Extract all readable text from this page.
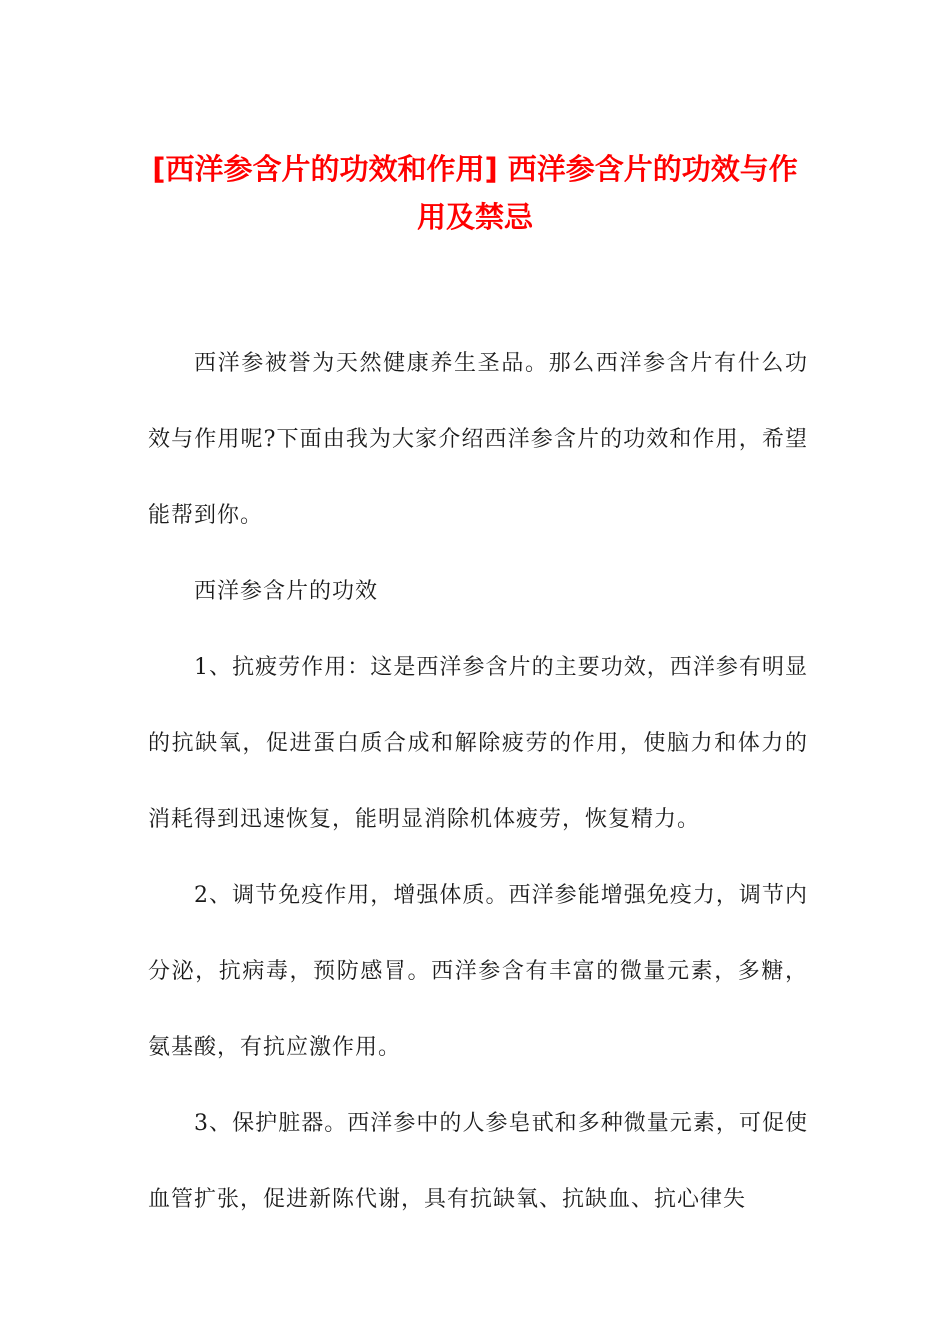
[西洋参含片的功效和作用] 西洋参含片的功效与作用及禁忌

西洋参被誉为天然健康养生圣品。那么西洋参含片有什么功效与作用呢?下面由我为大家介绍西洋参含片的功效和作用，希望能帮到你。

西洋参含片的功效

1、抗疲劳作用：这是西洋参含片的主要功效，西洋参有明显的抗缺氧，促进蛋白质合成和解除疲劳的作用，使脑力和体力的消耗得到迅速恢复，能明显消除机体疲劳，恢复精力。

2、调节免疫作用，增强体质。西洋参能增强免疫力，调节内分泌，抗病毒，预防感冒。西洋参含有丰富的微量元素，多糖，氨基酸，有抗应激作用。

3、保护脏器。西洋参中的人参皂甙和多种微量元素，可促使血管扩张，促进新陈代谢，具有抗缺氧、抗缺血、抗心律失
